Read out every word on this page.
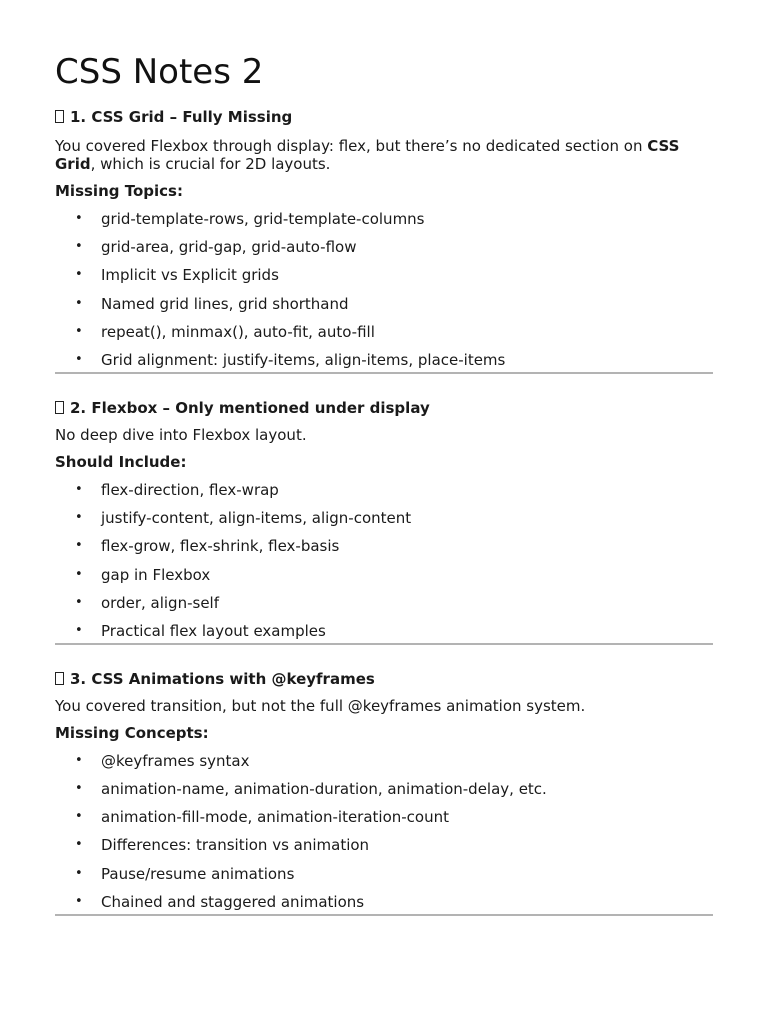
CSS Notes 2
1. CSS Grid – Fully Missing

You covered Flexbox through display: flex, but there’s no dedicated section on CSS Grid, which is crucial for 2D layouts.

Missing Topics:
• grid-template-rows, grid-template-columns
• grid-area, grid-gap, grid-auto-flow
• Implicit vs Explicit grids
• Named grid lines, grid shorthand
• repeat(), minmax(), auto-fit, auto-fill
• Grid alignment: justify-items, align-items, place-items
2. Flexbox – Only mentioned under display

No deep dive into Flexbox layout.

Should Include:
• flex-direction, flex-wrap
• justify-content, align-items, align-content
• flex-grow, flex-shrink, flex-basis
• gap in Flexbox
• order, align-self
• Practical flex layout examples
3. CSS Animations with @keyframes

You covered transition, but not the full @keyframes animation system.

Missing Concepts:
• @keyframes syntax
• animation-name, animation-duration, animation-delay, etc.
• animation-fill-mode, animation-iteration-count
• Differences: transition vs animation
• Pause/resume animations
• Chained and staggered animations
